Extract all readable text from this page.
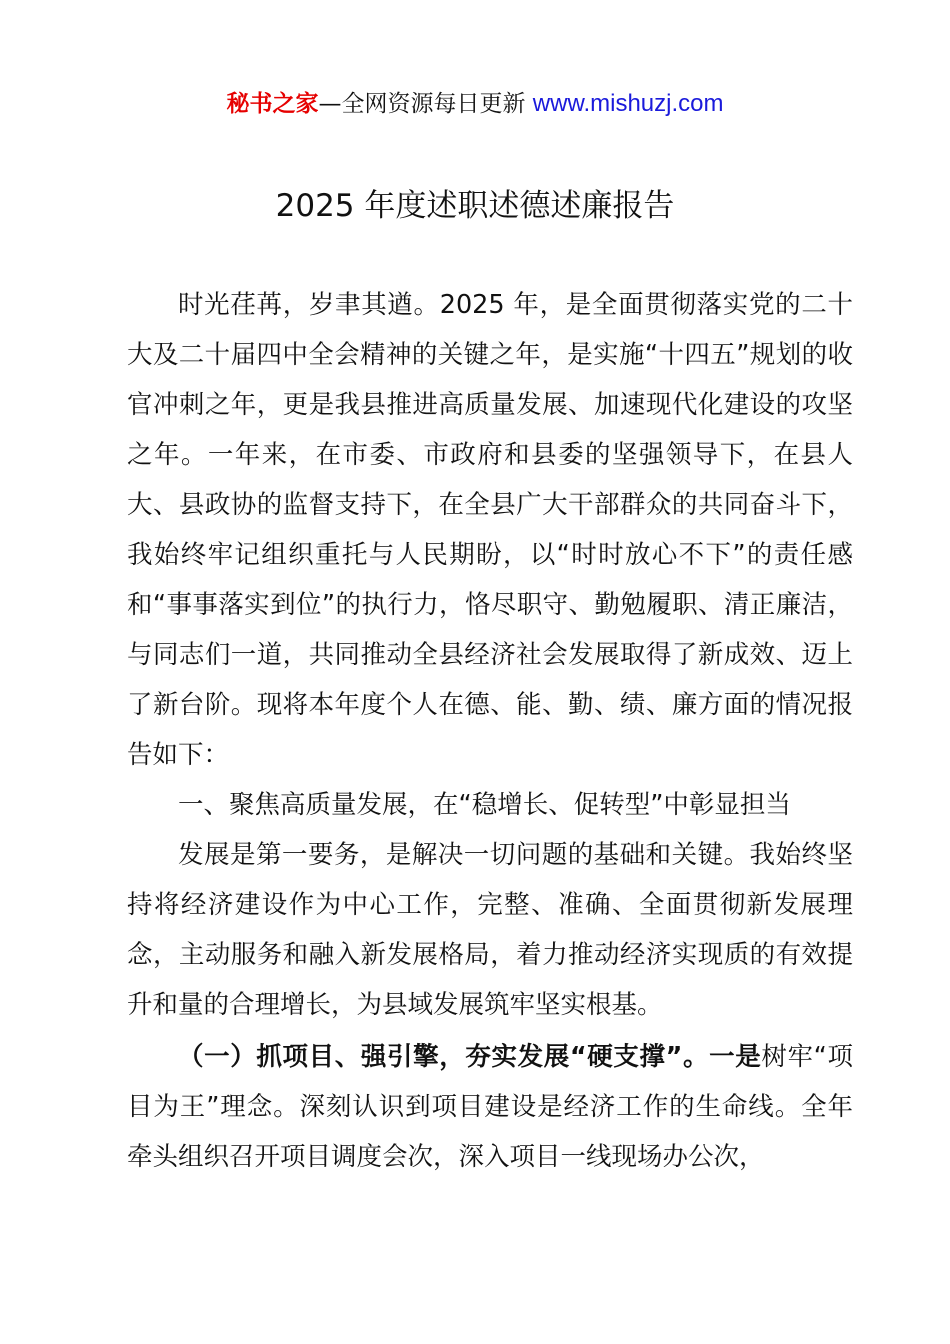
秘书之家—全网资源每日更新 www.mishuzj.com
2025 年度述职述德述廉报告

时光荏苒，岁聿其遒。2025 年，是全面贯彻落实党的二十大及二十届四中全会精神的关键之年，是实施“十四五”规划的收官冲刺之年，更是我县推进高质量发展、加速现代化建设的攻坚之年。一年来，在市委、市政府和县委的坚强领导下，在县人大、县政协的监督支持下，在全县广大干部群众的共同奋斗下，我始终牢记组织重托与人民期盼，以“时时放心不下”的责任感和“事事落实到位”的执行力，恪尽职守、勤勉履职、清正廉洁，与同志们一道，共同推动全县经济社会发展取得了新成效、迈上了新台阶。现将本年度个人在德、能、勤、绩、廉方面的情况报告如下：

一、聚焦高质量发展，在“稳增长、促转型”中彰显担当

发展是第一要务，是解决一切问题的基础和关键。我始终坚持将经济建设作为中心工作，完整、准确、全面贯彻新发展理念，主动服务和融入新发展格局，着力推动经济实现质的有效提升和量的合理增长，为县域发展筑牢坚实根基。

（一）抓项目、强引擎，夯实发展“硬支撑”。一是树牢“项目为王”理念。深刻认识到项目建设是经济工作的生命线。全年牵头组织召开项目调度会次，深入项目一线现场办公次，
